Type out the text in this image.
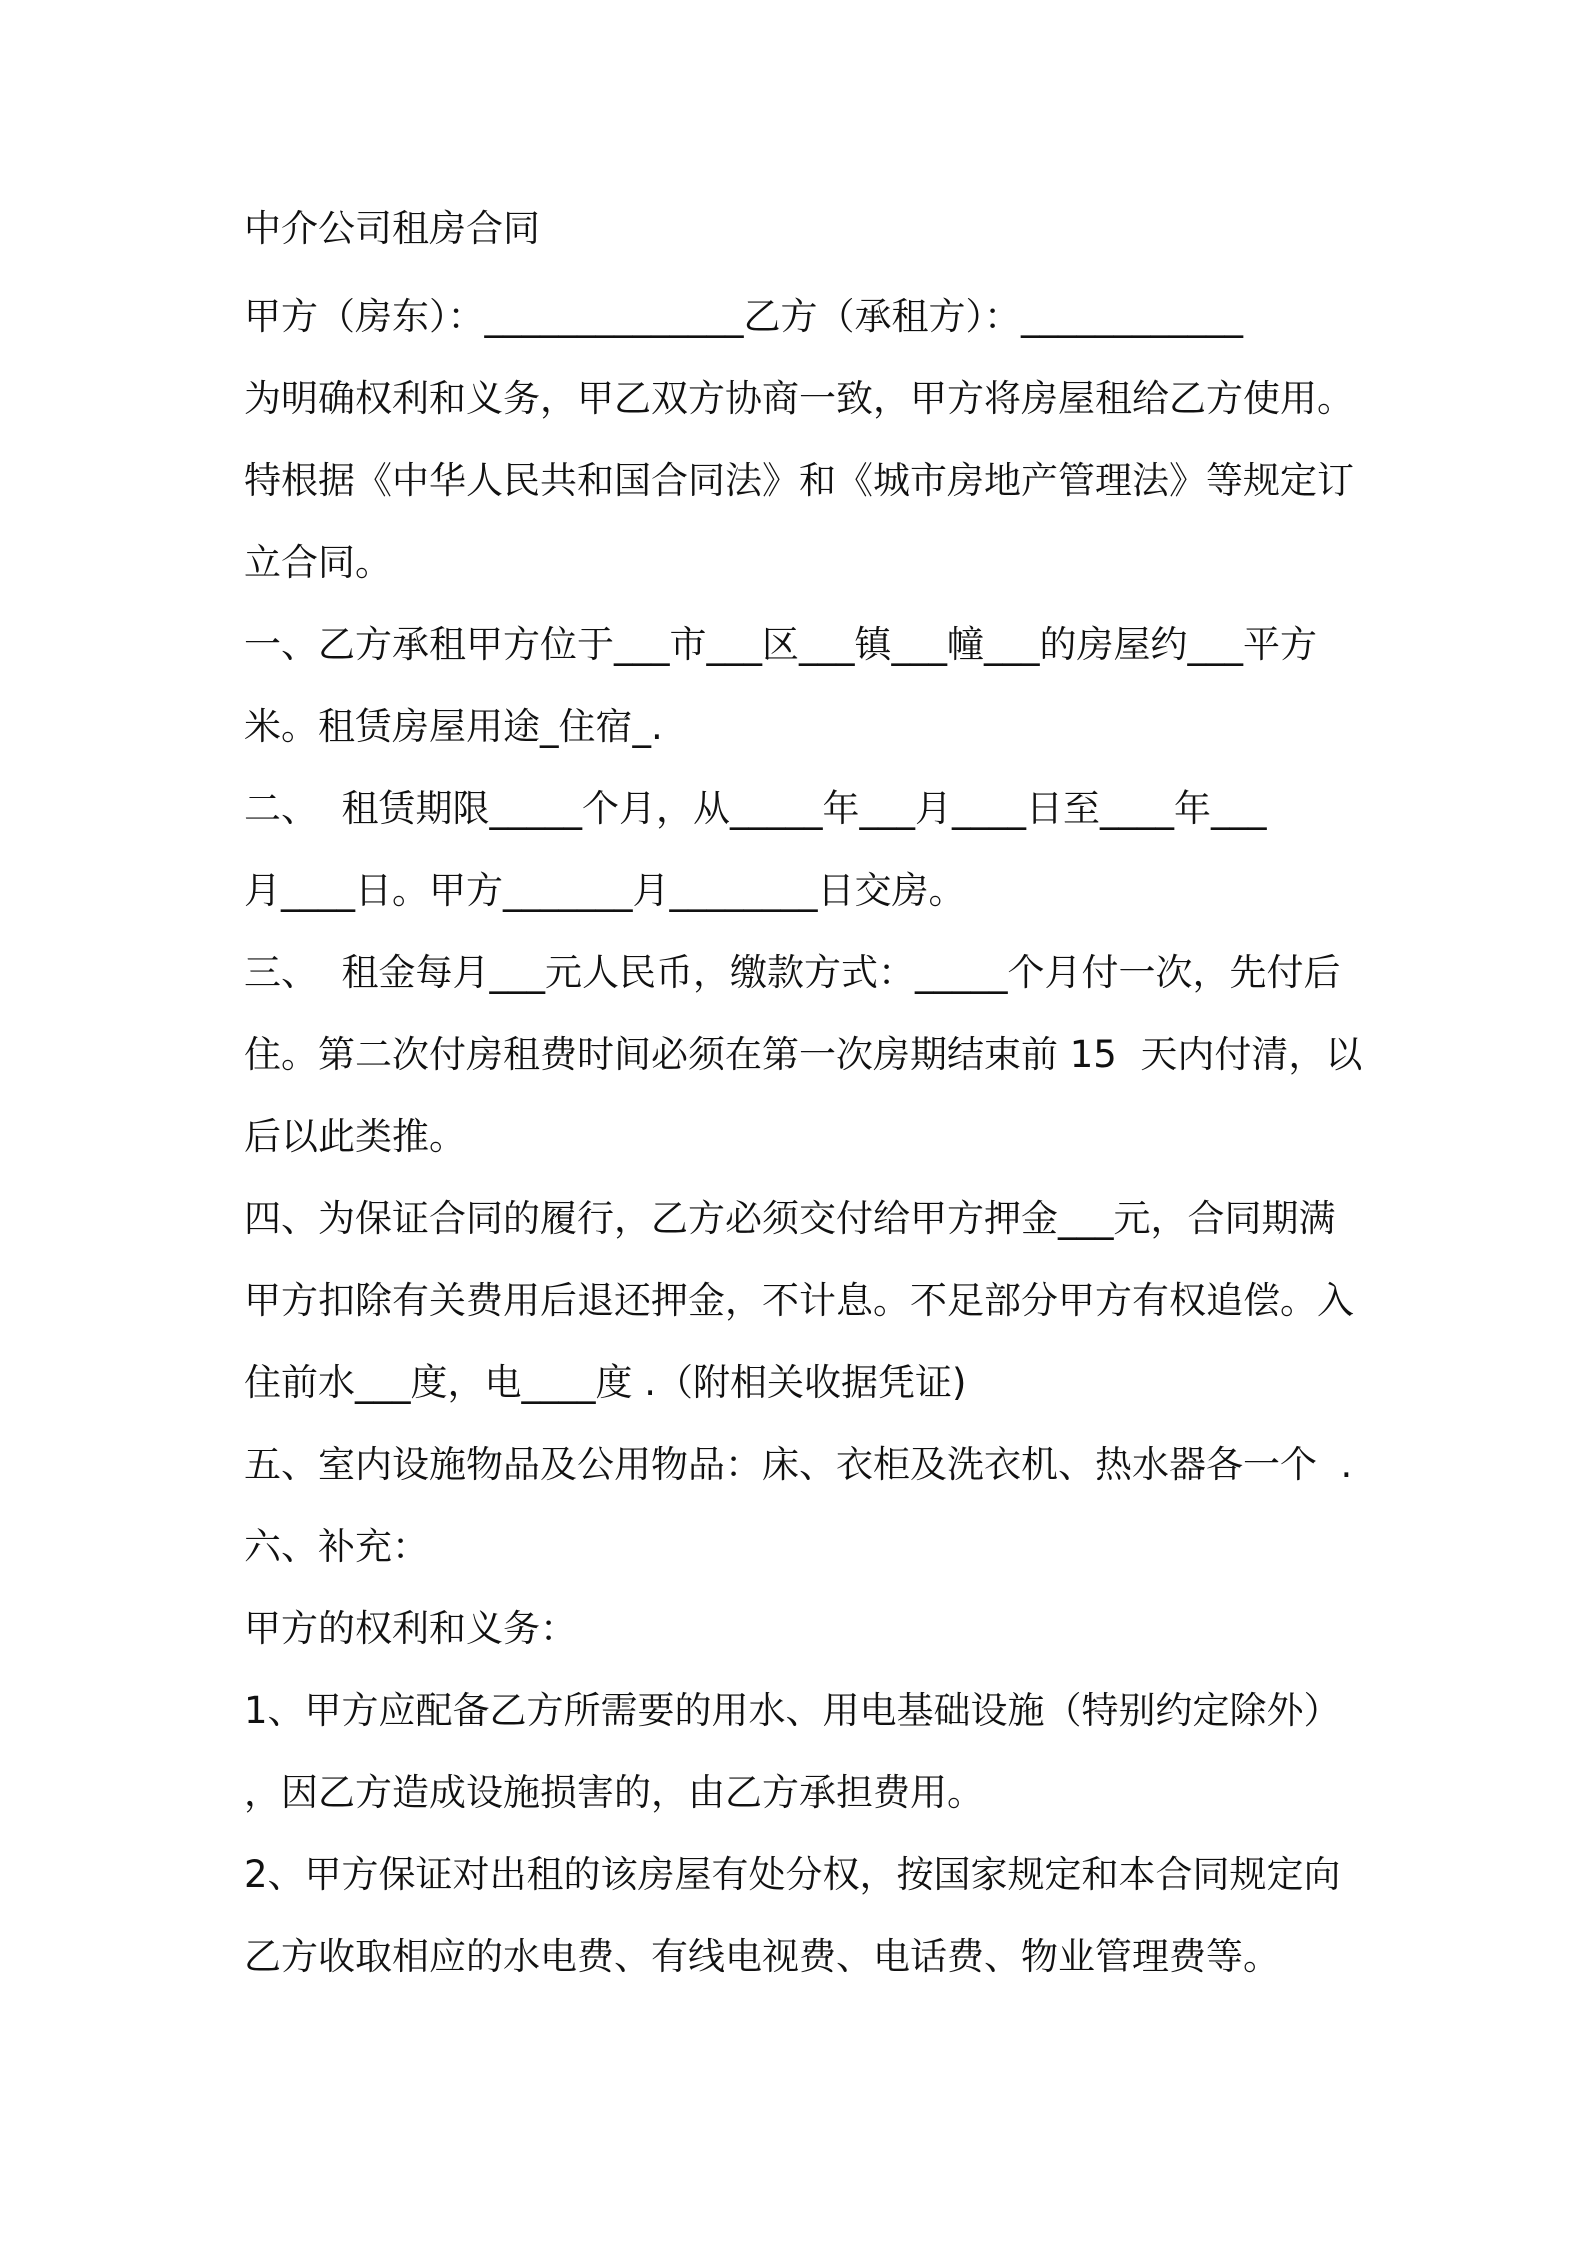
中介公司租房合同
甲方（房东）：______________乙方（承租方）：____________
为明确权利和义务，甲乙双方协商一致，甲方将房屋租给乙方使用。
特根据《中华人民共和国合同法》和《城市房地产管理法》等规定订
立合同。
一、乙方承租甲方位于___市___区___镇___幢___的房屋约___平方
米。租赁房屋用途_住宿_.
二、  租赁期限_____个月，从_____年___月____日至____年___
月____日。甲方_______月________日交房。
三、  租金每月___元人民币，缴款方式：_____个月付一次，先付后
住。第二次付房租费时间必须在第一次房期结束前 15  天内付清，以
后以此类推。
四、为保证合同的履行，乙方必须交付给甲方押金___元，合同期满
甲方扣除有关费用后退还押金，不计息。不足部分甲方有权追偿。入
住前水___度，电____度 .（附相关收据凭证)
五、室内设施物品及公用物品：床、衣柜及洗衣机、热水器各一个  .
六、补充：
甲方的权利和义务：
1、甲方应配备乙方所需要的用水、用电基础设施（特别约定除外）
，因乙方造成设施损害的，由乙方承担费用。
2、甲方保证对出租的该房屋有处分权，按国家规定和本合同规定向
乙方收取相应的水电费、有线电视费、电话费、物业管理费等。
